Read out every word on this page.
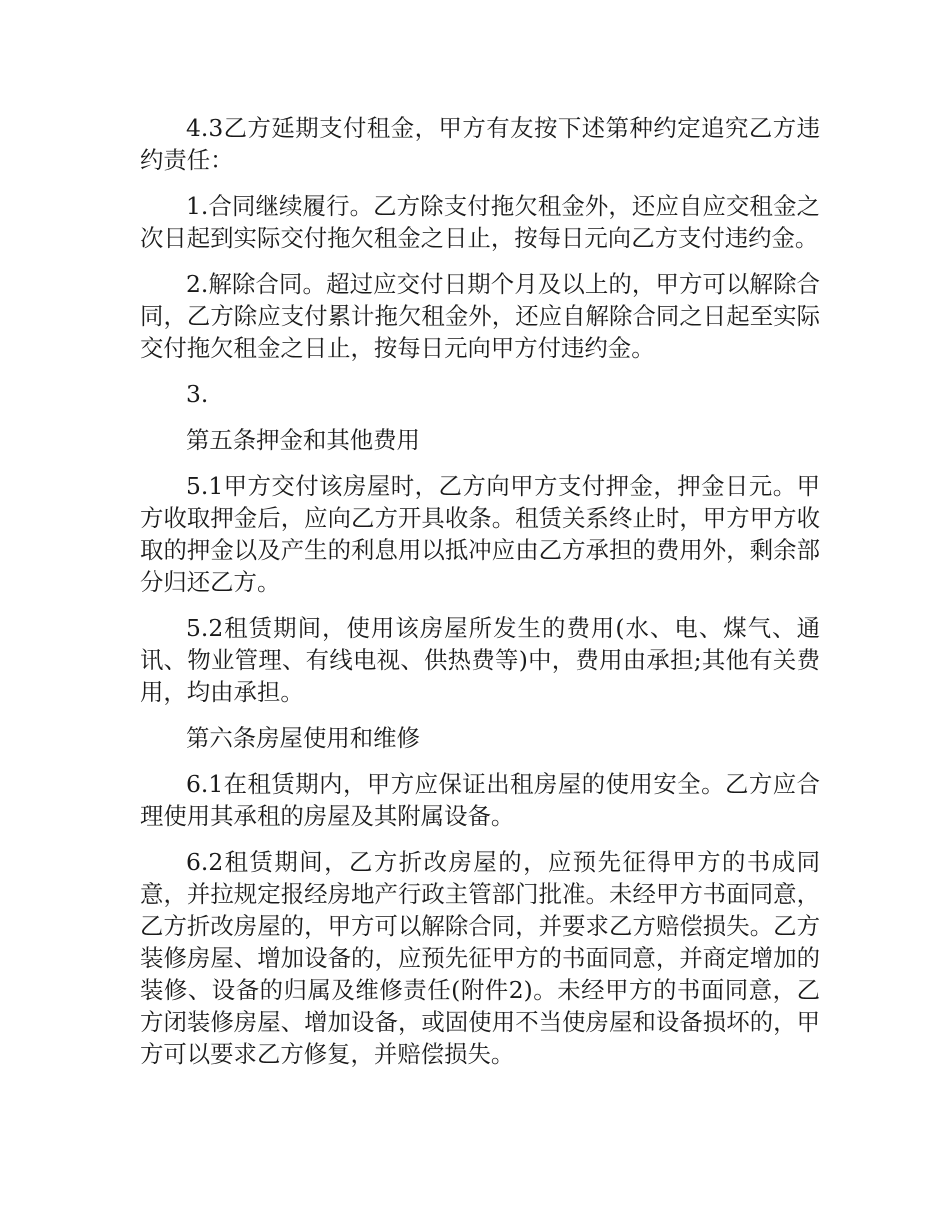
4.3乙方延期支付租金，甲方有友按下述第种约定追究乙方违约责任：

1.合同继续履行。乙方除支付拖欠租金外，还应自应交租金之次日起到实际交付拖欠租金之日止，按每日元向乙方支付违约金。

2.解除合同。超过应交付日期个月及以上的，甲方可以解除合同，乙方除应支付累计拖欠租金外，还应自解除合同之日起至实际交付拖欠租金之日止，按每日元向甲方付违约金。

3.

第五条押金和其他费用

5.1甲方交付该房屋时，乙方向甲方支付押金，押金日元。甲方收取押金后，应向乙方开具收条。租赁关系终止时，甲方甲方收取的押金以及产生的利息用以抵冲应由乙方承担的费用外，剩余部分归还乙方。

5.2租赁期间，使用该房屋所发生的费用(水、电、煤气、通讯、物业管理、有线电视、供热费等)中，费用由承担;其他有关费用，均由承担。

第六条房屋使用和维修

6.1在租赁期内，甲方应保证出租房屋的使用安全。乙方应合理使用其承租的房屋及其附属设备。

6.2租赁期间，乙方折改房屋的，应预先征得甲方的书成同意，并拉规定报经房地产行政主管部门批准。未经甲方书面同意，乙方折改房屋的，甲方可以解除合同，并要求乙方赔偿损失。乙方装修房屋、增加设备的，应预先征甲方的书面同意，并商定增加的装修、设备的归属及维修责任(附件2)。未经甲方的书面同意，乙方闭装修房屋、增加设备，或固使用不当使房屋和设备损坏的，甲方可以要求乙方修复，并赔偿损失。
